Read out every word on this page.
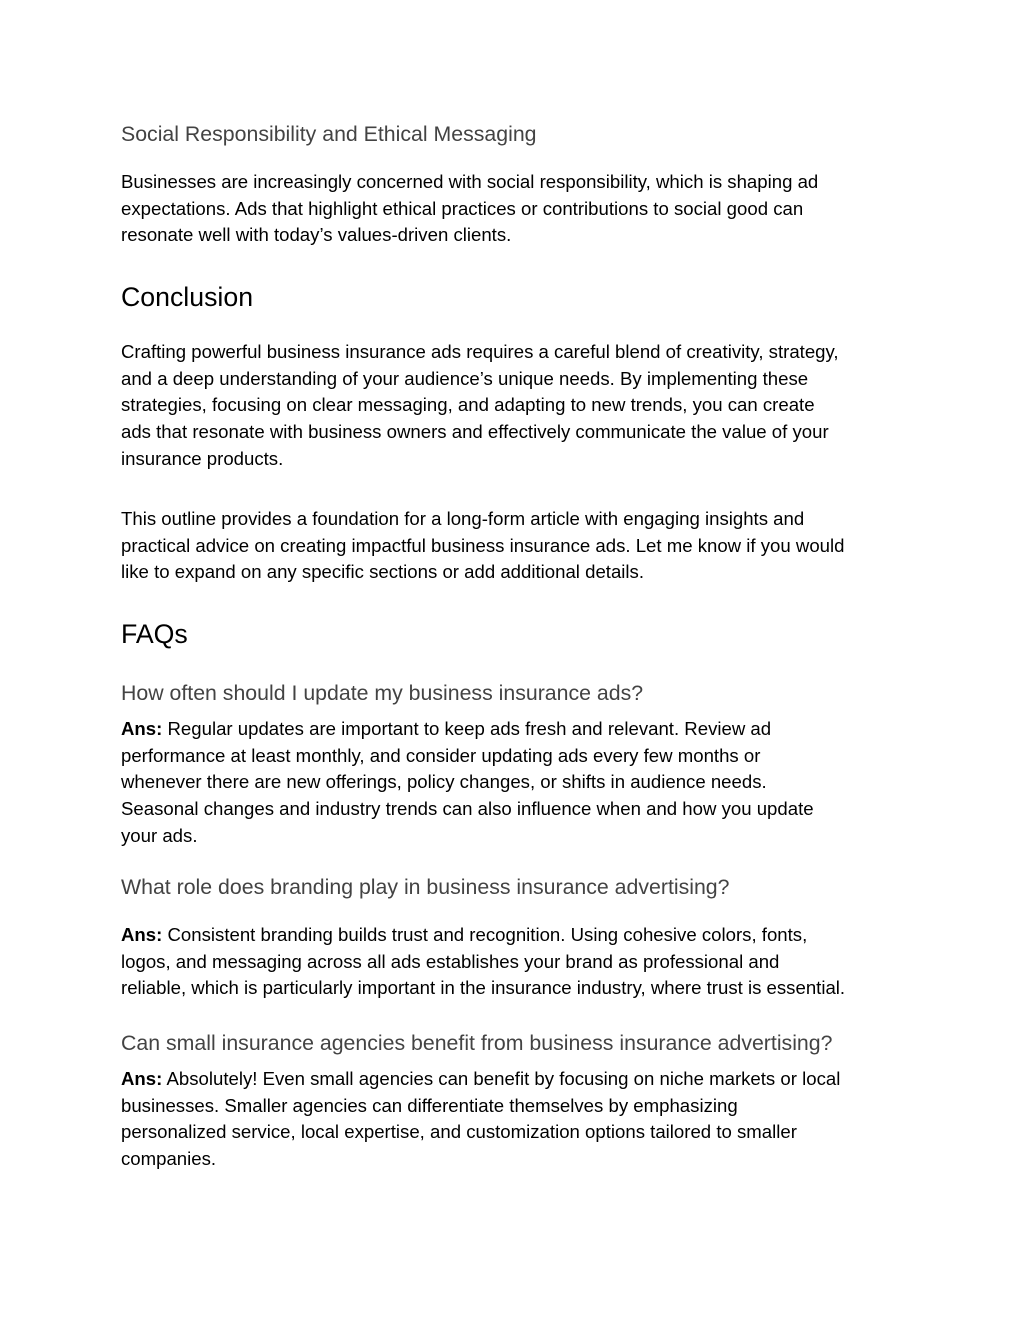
Social Responsibility and Ethical Messaging
Businesses are increasingly concerned with social responsibility, which is shaping ad
expectations. Ads that highlight ethical practices or contributions to social good can
resonate well with today’s values-driven clients.
Conclusion
Crafting powerful business insurance ads requires a careful blend of creativity, strategy,
and a deep understanding of your audience’s unique needs. By implementing these
strategies, focusing on clear messaging, and adapting to new trends, you can create
ads that resonate with business owners and effectively communicate the value of your
insurance products.
This outline provides a foundation for a long-form article with engaging insights and
practical advice on creating impactful business insurance ads. Let me know if you would
like to expand on any specific sections or add additional details.
FAQs
How often should I update my business insurance ads?
Ans: Regular updates are important to keep ads fresh and relevant. Review ad
performance at least monthly, and consider updating ads every few months or
whenever there are new offerings, policy changes, or shifts in audience needs.
Seasonal changes and industry trends can also influence when and how you update
your ads.
What role does branding play in business insurance advertising?
Ans: Consistent branding builds trust and recognition. Using cohesive colors, fonts,
logos, and messaging across all ads establishes your brand as professional and
reliable, which is particularly important in the insurance industry, where trust is essential.
Can small insurance agencies benefit from business insurance advertising?
Ans: Absolutely! Even small agencies can benefit by focusing on niche markets or local
businesses. Smaller agencies can differentiate themselves by emphasizing
personalized service, local expertise, and customization options tailored to smaller
companies.
